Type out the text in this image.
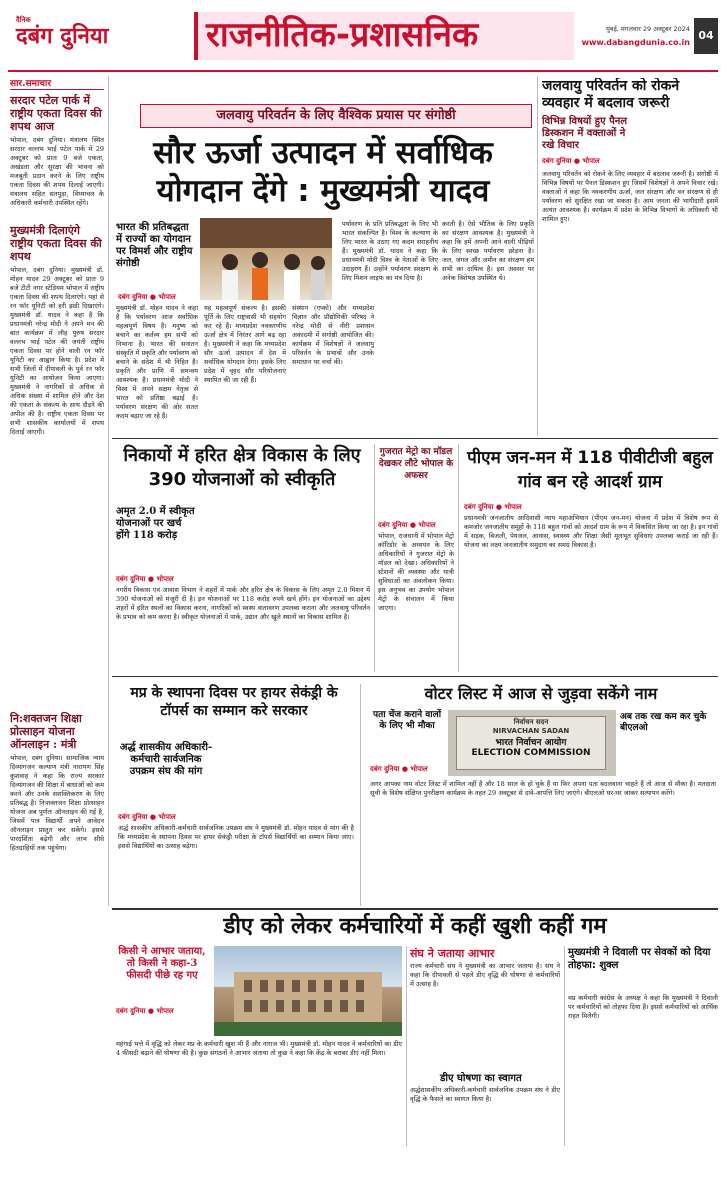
दैनिक
दबंग दुनिया	राजनीतिक-प्रशासनिक	मुंबई, मंगलवार 29 अक्टूबर 2024
www.dabangdunia.co.in
04
सार.समाचार
सरदार पटेल पार्क में राष्ट्रीय एकता दिवस की शपथ आज
भोपाल, दबंग दुनिया। मंत्रालय स्थित सरदार वल्लभ भाई पटेल पार्क में 29 अक्टूबर को प्रातः 9 बजे एकता, अखंडता और सुरक्षा की भावना को मजबूती प्रदान करने के लिए राष्ट्रीय एकता दिवस की शपथ दिलाई जाएगी। मंत्रालय सहित सतपुड़ा, विंध्याचल के अधिकारी कर्मचारी उपस्थित रहेंगे।
मुख्यमंत्री दिलाएंगे राष्ट्रीय एकता दिवस की शपथ
भोपाल, दबंग दुनिया। मुख्यमंत्री डॉ. मोहन यादव 29 अक्टूबर को प्रातः 9 बजे टीटी नगर स्टेडियम भोपाल में राष्ट्रीय एकता दिवस की शपथ दिलाएंगे। यहां से रन फॉर यूनिटी को हरी झंडी दिखाएंगे। मुख्यमंत्री डॉ. यादव ने कहा है कि प्रधानमंत्री नरेन्द्र मोदी ने अपने मन की बात कार्यक्रम में लौह पुरुष सरदार वल्लभ भाई पटेल की जयंती राष्ट्रीय एकता दिवस पर होने वाली रन फॉर यूनिटी का आह्वान किया है। प्रदेश में सभी जिलों में दीपावली के पूर्व रन फॉर यूनिटी का आयोजन किया जाएगा। मुख्यमंत्री ने नागरिकों से अधिक से अधिक संख्या में शामिल होने और देश की एकता के संकल्प के साथ दौड़ने की अपील की है। राष्ट्रीय एकता दिवस पर सभी शासकीय कार्यालयों में शपथ दिलाई जाएगी।
नि:शक्तजन शिक्षा प्रोत्साहन योजना ऑनलाइन : मंत्री
भोपाल, दबंग दुनिया। सामाजिक न्याय दिव्यांगजन कल्याण मंत्री नारायण सिंह कुशवाह ने कहा कि राज्य सरकार दिव्यांगजन की शिक्षा में बाधाओं को कम करने और उनके सशक्तिकरण के लिए प्रतिबद्ध है। निःशक्तजन शिक्षा प्रोत्साहन योजना अब पूर्णतः ऑनलाइन की गई है, जिसमें पात्र विद्यार्थी अपने आवेदन ऑनलाइन प्रस्तुत कर सकेंगे। इससे पारदर्शिता बढ़ेगी और लाभ सीधे हितग्राहियों तक पहुंचेगा।
जलवायु परिवर्तन के लिए वैश्विक प्रयास पर संगोष्ठी
सौर ऊर्जा उत्पादन में सर्वाधिक योगदान देंगे : मुख्यमंत्री यादव
भारत की प्रतिबद्धता में राज्यों का योगदान पर विमर्श और राष्ट्रीय संगोष्ठी
दबंग दुनिया ● भोपाल
मुख्यमंत्री डॉ. मोहन यादव ने कहा है कि पर्यावरण आज सर्वाधिक महत्वपूर्ण विषय है। मनुष्य को बचाने का कर्तव्य हम सभी को निभाना है। भारत की सनातन संस्कृति में प्रकृति और पर्यावरण को बचाने के संदेश में भी निहित है। प्रकृति और प्राणि में समन्वय आवश्यक है। प्रधानमंत्री मोदी ने विश्व में अपने सक्षम नेतृत्व से भारत को प्रतिष्ठा बढ़ाई है। पर्यावरण संरक्षण की ओर सतत कदम बढ़ाए जा रहे हैं।
यह महत्वपूर्ण संकल्प है। इसकी पूर्ति के लिए राष्ट्रवासी भी सहयोग कर रहे हैं। मध्यप्रदेश नवकरणीय ऊर्जा क्षेत्र में निरंतर आगे बढ़ रहा है। मुख्यमंत्री ने कहा कि मध्यप्रदेश सौर ऊर्जा उत्पादन में देश में सर्वाधिक योगदान देगा। इसके लिए प्रदेश में वृहद सौर परियोजनाएं स्थापित की जा रही हैं।
संस्थान (एप्को) और मध्यप्रदेश विज्ञान और प्रौद्योगिकी परिषद ने नरेन्द्र मोदी से नीरी प्रशासन अकादमी में संगोष्ठी आयोजित की। कार्यक्रम में विशेषज्ञों ने जलवायु परिवर्तन के प्रभावों और उनके समाधान पर चर्चा की।
पर्यावरण के प्रति प्रतिबद्धता के लिए भी भारत संकल्पित है। विश्व के कल्याण के लिए भारत के उठाए गए कदम सराहनीय हैं। मुख्यमंत्री डॉ. यादव ने कहा कि प्रधानमंत्री मोदी विश्व के नेताओं के लिए उदाहरण हैं। उन्होंने पर्यावरण संरक्षण के लिए मिशन लाइफ का मंत्र दिया है।
करती है। ऐसे भौतिक के लिए प्रकृति का संरक्षण आवश्यक है। मुख्यमंत्री ने कहा कि हमें अपनी आने वाली पीढ़ियों के लिए स्वच्छ पर्यावरण छोड़ना है। जल, जंगल और जमीन का संरक्षण हम सभी का दायित्व है। इस अवसर पर अनेक विशेषज्ञ उपस्थित थे।
जलवायु परिवर्तन को रोकने व्यवहार में बदलाव जरूरी
विभिन्न विषयों हुए पैनल डिस्कशन में वक्ताओं ने रखे विचार
दबंग दुनिया ● भोपाल
जलवायु परिवर्तन को रोकने के लिए व्यवहार में बदलाव जरूरी है। संगोष्ठी में विभिन्न विषयों पर पैनल डिस्कशन हुए जिसमें विशेषज्ञों ने अपने विचार रखे। वक्ताओं ने कहा कि नवकरणीय ऊर्जा, जल संरक्षण और वन संरक्षण से ही पर्यावरण को सुरक्षित रखा जा सकता है। आम जनता की भागीदारी इसमें अत्यंत आवश्यक है। कार्यक्रम में प्रदेश के विभिन्न विभागों के अधिकारी भी शामिल हुए।
निकायों में हरित क्षेत्र विकास के लिए 390 योजनाओं को स्वीकृति
अमृत 2.0 में स्वीकृत योजनाओं पर खर्च होंगे 118 करोड़
दबंग दुनिया ● भोपाल
नगरीय विकास एवं आवास विभाग ने शहरों में पार्क और हरित क्षेत्र के विकास के लिए अमृत 2.0 मिशन में 390 योजनाओं को मंजूरी दी है। इन योजनाओं पर 118 करोड़ रुपये खर्च होंगे। इन योजनाओं का उद्देश्य शहरों में हरित स्थलों का विकास करना, नागरिकों को स्वस्थ वातावरण उपलब्ध कराना और जलवायु परिवर्तन के प्रभाव को कम करना है। स्वीकृत योजनाओं में पार्क, उद्यान और खुले स्थानों का विकास शामिल है।
गुजरात मेट्रो का मॉडल देखकर लौटे भोपाल के अफसर
दबंग दुनिया ● भोपाल
भोपाल, राजधानी में भोपाल मेट्रो कॉरिडोर के अध्ययन के लिए अधिकारियों ने गुजरात मेट्रो के मॉडल को देखा। अधिकारियों ने स्टेशनों की व्यवस्था और यात्री सुविधाओं का अवलोकन किया। इस अनुभव का उपयोग भोपाल मेट्रो के संचालन में किया जाएगा।
पीएम जन-मन में 118 पीवीटीजी बहुल गांव बन रहे आदर्श ग्राम
दबंग दुनिया ● भोपाल
प्रधानमंत्री जनजातीय आदिवासी न्याय महाअभियान (पीएम जन-मन) योजना में प्रदेश में विशेष रूप से कमजोर जनजातीय समूहों के 118 बहुल गांवों को आदर्श ग्राम के रूप में विकसित किया जा रहा है। इन गांवों में सड़क, बिजली, पेयजल, आवास, स्वास्थ्य और शिक्षा जैसी मूलभूत सुविधाएं उपलब्ध कराई जा रही हैं। योजना का लक्ष्य जनजातीय समुदाय का समग्र विकास है।
मप्र के स्थापना दिवस पर हायर सेकंड्री के टॉपर्स का सम्मान करे सरकार
अर्द्ध शासकीय अधिकारी-कर्मचारी सार्वजनिक उपक्रम संघ की मांग
दबंग दुनिया ● भोपाल
अर्द्ध शासकीय अधिकारी-कर्मचारी सार्वजनिक उपक्रम संघ ने मुख्यमंत्री डॉ. मोहन यादव से मांग की है कि मध्यप्रदेश के स्थापना दिवस पर हायर सेकंड्री परीक्षा के टॉपर्स विद्यार्थियों का सम्मान किया जाए। इससे विद्यार्थियों का उत्साह बढ़ेगा।
वोटर लिस्ट में आज से जुड़वा सकेंगे नाम
पता चेंज कराने वालों के लिए भी मौका
दबंग दुनिया ● भोपाल
निर्वाचन सदन
NIRVACHAN SADAN
भारत निर्वाचन आयोग
ELECTION COMMISSION
अब तक रख कम कर चुके बीएलओ
अगर आपका नाम वोटर लिस्ट में शामिल नहीं है और 18 साल के हो चुके हैं या फिर अपना पता बदलवाना चाहते हैं तो आज से मौका है। मतदाता सूची के विशेष संक्षिप्त पुनरीक्षण कार्यक्रम के तहत 29 अक्टूबर से दावे-आपत्ति लिए जाएंगे। बीएलओ घर-घर जाकर सत्यापन करेंगे।
डीए को लेकर कर्मचारियों में कहीं खुशी कहीं गम
किसी ने आभार जताया, तो किसी ने कहा-3 फीसदी पीछे रह गए
दबंग दुनिया ● भोपाल
महंगाई भत्ते में वृद्धि को लेकर मप्र के कर्मचारी खुश भी हैं और नाराज भी। मुख्यमंत्री डॉ. मोहन यादव ने कर्मचारियों का डीए 4 फीसदी बढ़ाने की घोषणा की है। कुछ संगठनों ने आभार जताया तो कुछ ने कहा कि केंद्र के बराबर डीए नहीं मिला।
संघ ने जताया आभार
राज्य कर्मचारी संघ ने मुख्यमंत्री का आभार जताया है। संघ ने कहा कि दीपावली से पहले डीए वृद्धि की घोषणा से कर्मचारियों में उत्साह है।
डीए घोषणा का स्वागत
अर्द्धशासकीय अधिकारी-कर्मचारी सार्वजनिक उपक्रम संघ ने डीए वृद्धि के फैसले का स्वागत किया है।
मुख्यमंत्री ने दिवाली पर सेवकों को दिया तोहफा: शुक्ल
मप्र कर्मचारी कांग्रेस के अध्यक्ष ने कहा कि मुख्यमंत्री ने दिवाली पर कर्मचारियों को तोहफा दिया है। इससे कर्मचारियों को आर्थिक राहत मिलेगी।
